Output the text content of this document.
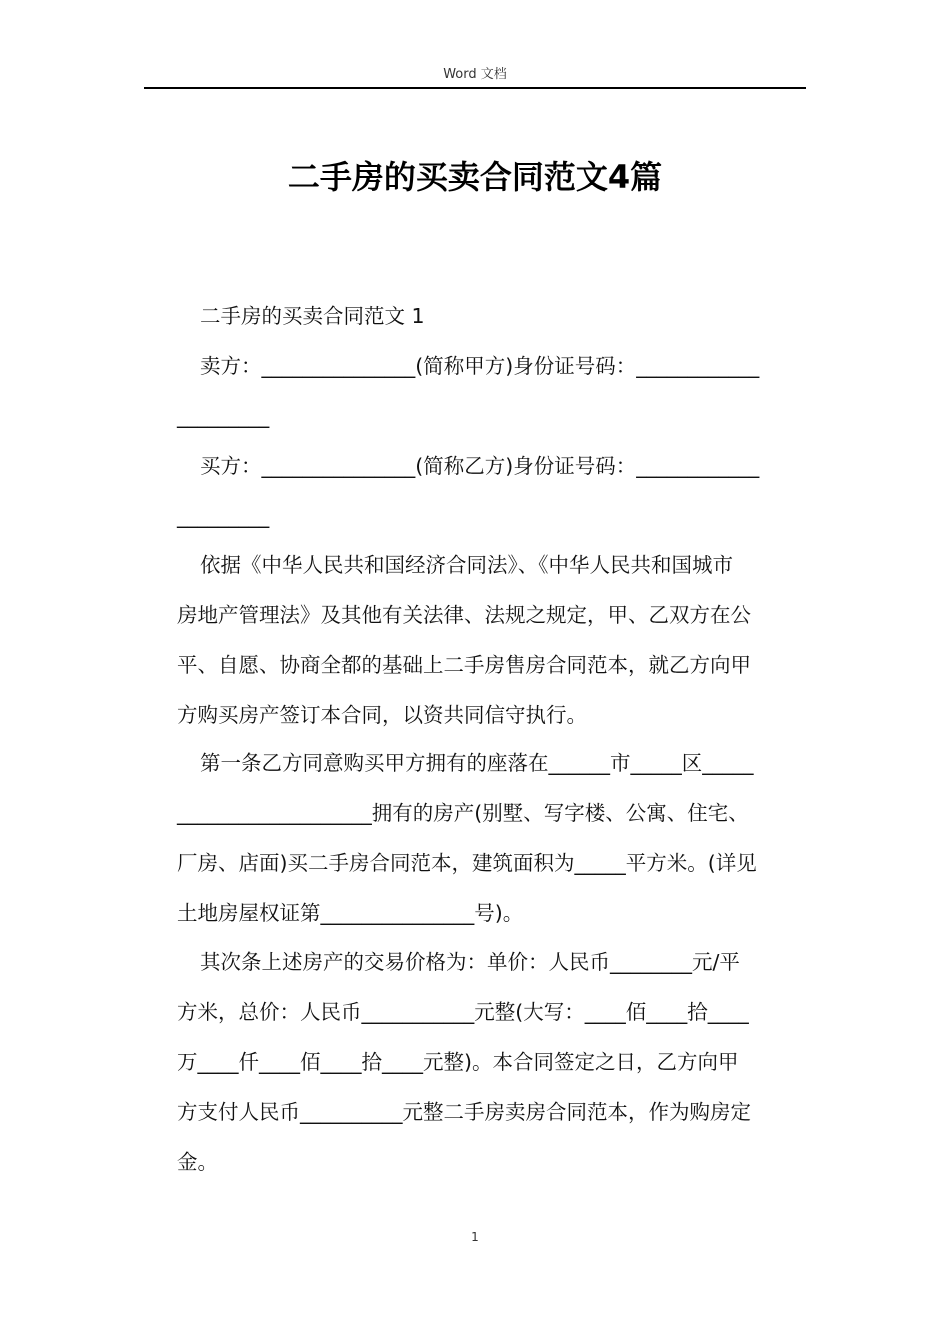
Word 文档
二手房的买卖合同范文4篇
二手房的买卖合同范文 1
卖方：_______________(简称甲方)身份证号码：____________
_________
买方：_______________(简称乙方)身份证号码：____________
_________
依据《中华人民共和国经济合同法》、《中华人民共和国城市
房地产管理法》及其他有关法律、法规之规定，甲、乙双方在公
平、自愿、协商全都的基础上二手房售房合同范本，就乙方向甲
方购买房产签订本合同，以资共同信守执行。
第一条乙方同意购买甲方拥有的座落在______市_____区_____
___________________拥有的房产(别墅、写字楼、公寓、住宅、
厂房、店面)买二手房合同范本，建筑面积为_____平方米。(详见
土地房屋权证第_______________号)。
其次条上述房产的交易价格为：单价：人民币________元/平
方米，总价：人民币___________元整(大写：____佰____拾____
万____仟____佰____拾____元整)。本合同签定之日，乙方向甲
方支付人民币__________元整二手房卖房合同范本，作为购房定
金。
1
